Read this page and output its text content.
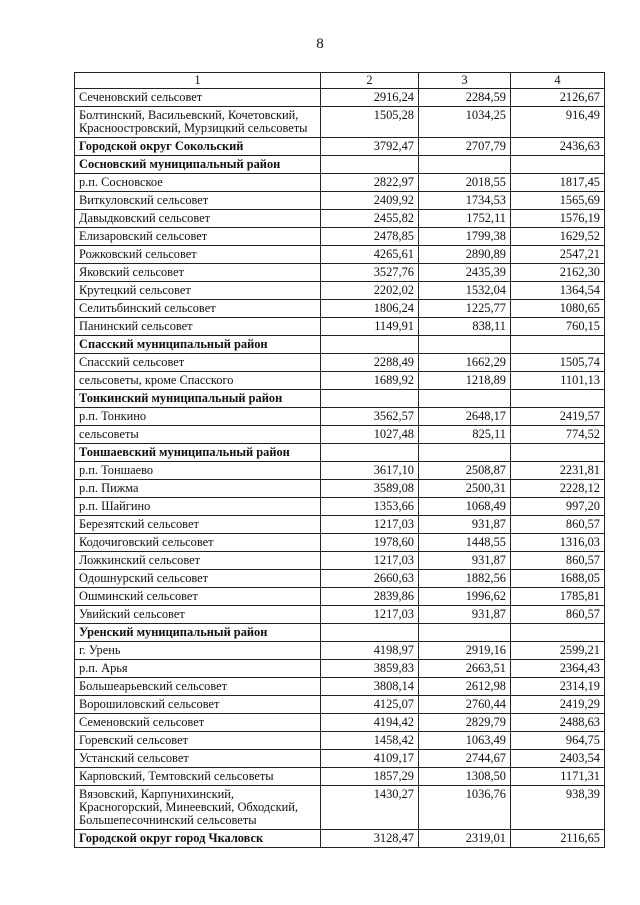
8
1	2	3	4
Сеченовский сельсовет	2916,24	2284,59	2126,67
Болтинский, Васильевский, Кочетовский, Красноостровский, Мурзицкий сельсоветы	1505,28	1034,25	916,49
Городской округ Сокольский	3792,47	2707,79	2436,63
Сосновский муниципальный район			
р.п. Сосновское	2822,97	2018,55	1817,45
Виткуловский сельсовет	2409,92	1734,53	1565,69
Давыдковский сельсовет	2455,82	1752,11	1576,19
Елизаровский сельсовет	2478,85	1799,38	1629,52
Рожковский сельсовет	4265,61	2890,89	2547,21
Яковский сельсовет	3527,76	2435,39	2162,30
Крутецкий сельсовет	2202,02	1532,04	1364,54
Селитьбинский сельсовет	1806,24	1225,77	1080,65
Панинский сельсовет	1149,91	838,11	760,15
Спасский муниципальный район			
Спасский сельсовет	2288,49	1662,29	1505,74
сельсоветы, кроме Спасского	1689,92	1218,89	1101,13
Тонкинский муниципальный район			
р.п. Тонкино	3562,57	2648,17	2419,57
сельсоветы	1027,48	825,11	774,52
Тоншаевский муниципальный район			
р.п. Тоншаево	3617,10	2508,87	2231,81
р.п. Пижма	3589,08	2500,31	2228,12
р.п. Шайгино	1353,66	1068,49	997,20
Березятский сельсовет	1217,03	931,87	860,57
Кодочиговский сельсовет	1978,60	1448,55	1316,03
Ложкинский сельсовет	1217,03	931,87	860,57
Одошнурский сельсовет	2660,63	1882,56	1688,05
Ошминский сельсовет	2839,86	1996,62	1785,81
Увийский сельсовет	1217,03	931,87	860,57
Уренский муниципальный район			
г. Урень	4198,97	2919,16	2599,21
р.п. Арья	3859,83	2663,51	2364,43
Большеарьевский сельсовет	3808,14	2612,98	2314,19
Ворошиловский сельсовет	4125,07	2760,44	2419,29
Семеновский сельсовет	4194,42	2829,79	2488,63
Горевский сельсовет	1458,42	1063,49	964,75
Устанский сельсовет	4109,17	2744,67	2403,54
Карповский, Темтовский сельсоветы	1857,29	1308,50	1171,31
Вязовский, Карпунихинский, Красногорский, Минеевский, Обходский, Большепесочнинский сельсоветы	1430,27	1036,76	938,39
Городской округ город Чкаловск	3128,47	2319,01	2116,65
